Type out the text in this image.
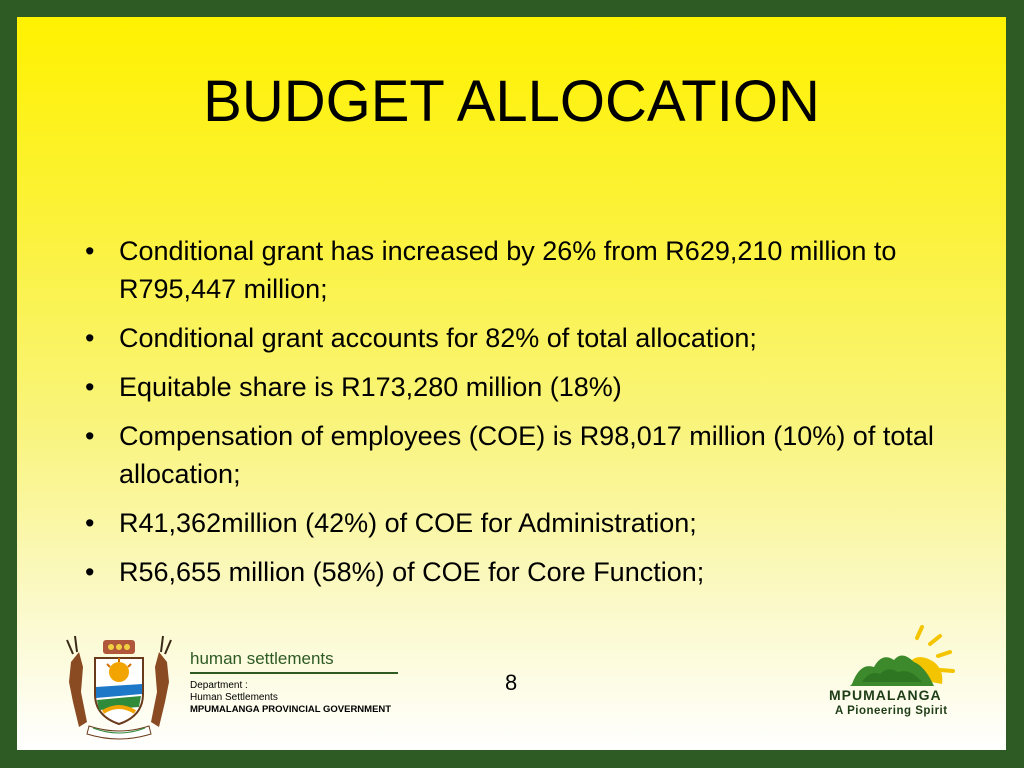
BUDGET ALLOCATION
• Conditional grant has increased by 26% from R629,210 million to R795,447 million;
• Conditional grant accounts for 82% of total allocation;
• Equitable share is R173,280 million (18%)
• Compensation of employees (COE) is R98,017 million (10%) of total allocation;
• R41,362million (42%) of COE for Administration;
• R56,655 million (58%) of COE for Core Function;
human settlements
Department :
Human Settlements
MPUMALANGA PROVINCIAL GOVERNMENT
8	MPUMALANGA
A Pioneering Spirit
